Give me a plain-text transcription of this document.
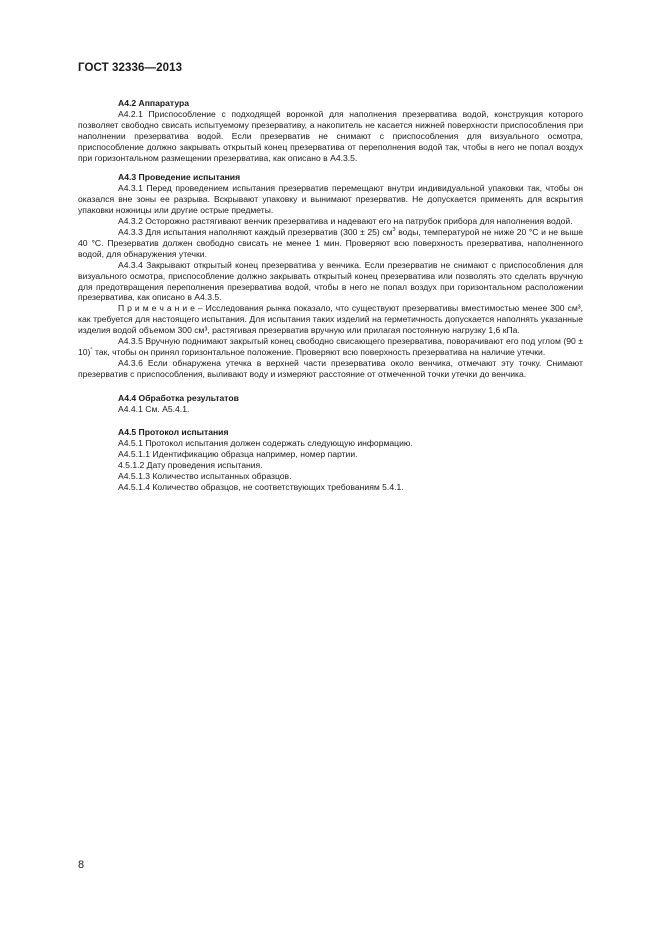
ГОСТ 32336—2013

А4.2 Аппаратура

А4.2.1 Приспособление с подходящей воронкой для наполнения презерватива водой, конструкция которого позволяет свободно свисать испытуемому презервативу, а накопитель не касается нижней поверхности приспособления при наполнении презерватива водой. Если презерватив не снимают с приспособления для визуального осмотра, приспособление должно закрывать открытый конец презерватива от переполнения водой так, чтобы в него не попал воздух при горизонтальном размещении презерватива, как описано в А4.3.5.

А4.3 Проведение испытания

А4.3.1 Перед проведением испытания презерватив перемещают внутри индивидуальной упаковки так, чтобы он оказался вне зоны ее разрыва. Вскрывают упаковку и вынимают презерватив. Не допускается применять для вскрытия упаковки ножницы или другие острые предметы.

А4.3.2 Осторожно растягивают венчик презерватива и надевают его на патрубок прибора для наполнения водой.

А4.3.3 Для испытания наполняют каждый презерватив (300 ± 25) $см^3$ воды, температурой не ниже 20 °С и не выше 40 °С. Презерватив должен свободно свисать не менее 1 мин. Проверяют всю поверхность презерватива, наполненного водой, для обнаружения утечки.

А4.3.4 Закрывают открытый конец презерватива у венчика. Если презерватив не снимают с приспособления для визуального осмотра, приспособление должно закрывать открытый конец презерватива или позволять это сделать вручную для предотвращения переполнения презерватива водой, чтобы в него не попал воздух при горизонтальном расположении презерватива, как описано в А4.3.5.

П р и м е ч а н и е – Исследования рынка показало, что существуют презервативы вместимостью менее 300 см³, как требуется для настоящего испытания. Для испытания таких изделий на герметичность допускается наполнять указанные изделия водой объемом 300 см³, растягивая презерватив вручную или прилагая постоянную нагрузку 1,6 кПа.

А4.3.5 Вручную поднимают закрытый конец свободно свисающего презерватива, поворачивают его под углом (90 ± 10)° так, чтобы он принял горизонтальное положение. Проверяют всю поверхность презерватива на наличие утечки.

А4.3.6 Если обнаружена утечка в верхней части презерватива около венчика, отмечают эту точку. Снимают презерватив с приспособления, выливают воду и измеряют расстояние от отмеченной точки утечки до венчика.

А4.4 Обработка результатов

А4.4.1 См. А5.4.1.

А4.5 Протокол испытания

А4.5.1 Протокол испытания должен содержать следующую информацию.

А4.5.1.1 Идентификацию образца например, номер партии.

4.5.1.2 Дату проведения испытания.

А4.5.1.3 Количество испытанных образцов.

А4.5.1.4 Количество образцов, не соответствующих требованиям 5.4.1.

8
